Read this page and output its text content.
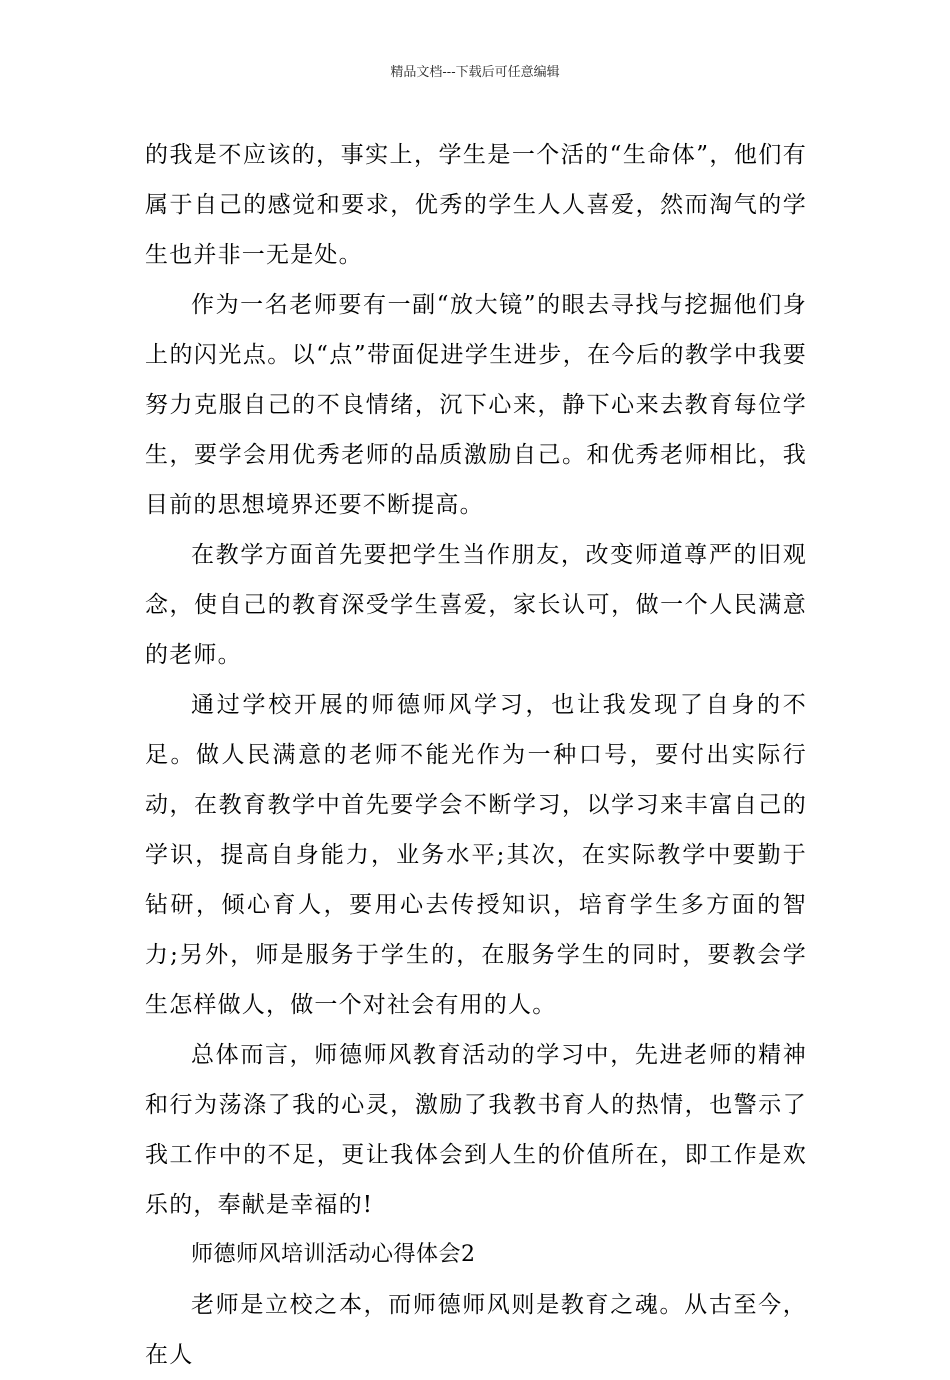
精品文档---下载后可任意编辑

的我是不应该的，事实上，学生是一个活的“生命体”，他们有属于自己的感觉和要求，优秀的学生人人喜爱，然而淘气的学生也并非一无是处。

作为一名老师要有一副“放大镜”的眼去寻找与挖掘他们身上的闪光点。以“点”带面促进学生进步，在今后的教学中我要努力克服自己的不良情绪，沉下心来，静下心来去教育每位学生，要学会用优秀老师的品质激励自己。和优秀老师相比，我目前的思想境界还要不断提高。

在教学方面首先要把学生当作朋友，改变师道尊严的旧观念，使自己的教育深受学生喜爱，家长认可，做一个人民满意的老师。

通过学校开展的师德师风学习，也让我发现了自身的不足。做人民满意的老师不能光作为一种口号，要付出实际行动，在教育教学中首先要学会不断学习，以学习来丰富自己的学识，提高自身能力，业务水平;其次，在实际教学中要勤于钻研，倾心育人，要用心去传授知识，培育学生多方面的智力;另外，师是服务于学生的，在服务学生的同时，要教会学生怎样做人，做一个对社会有用的人。

总体而言，师德师风教育活动的学习中，先进老师的精神和行为荡涤了我的心灵，激励了我教书育人的热情，也警示了我工作中的不足，更让我体会到人生的价值所在，即工作是欢乐的，奉献是幸福的!

师德师风培训活动心得体会2

老师是立校之本，而师德师风则是教育之魂。从古至今，在人
